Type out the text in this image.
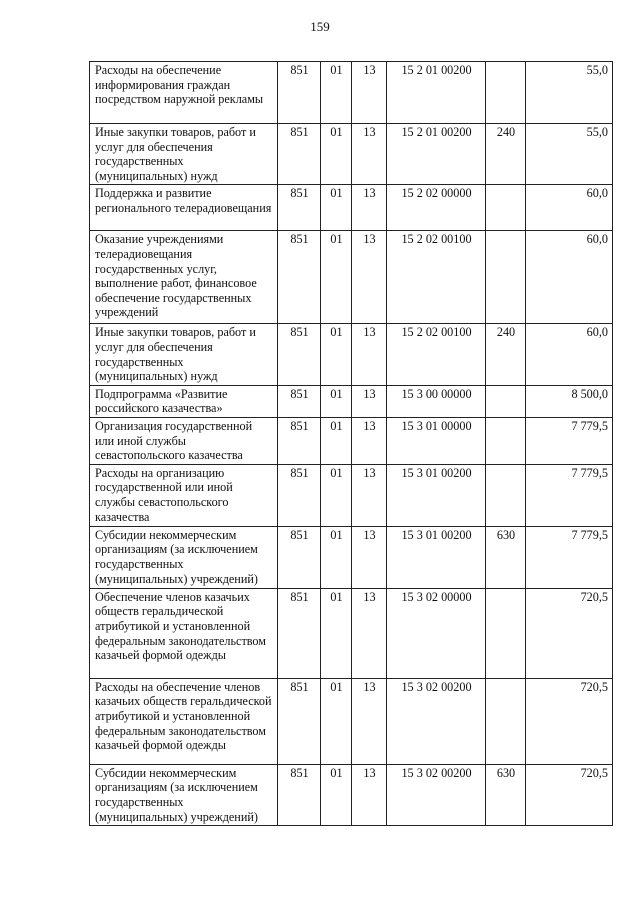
159
Расходы на обеспечение информирования граждан посредством наружной рекламы	851	01	13	15 2 01 00200		55,0
Иные закупки товаров, работ и услуг для обеспечения государственных (муниципальных) нужд	851	01	13	15 2 01 00200	240	55,0
Поддержка и развитие регионального телерадиовещания	851	01	13	15 2 02 00000		60,0
Оказание учреждениями телерадиовещания государственных услуг, выполнение работ, финансовое обеспечение государственных учреждений	851	01	13	15 2 02 00100		60,0
Иные закупки товаров, работ и услуг для обеспечения государственных (муниципальных) нужд	851	01	13	15 2 02 00100	240	60,0
Подпрограмма «Развитие российского казачества»	851	01	13	15 3 00 00000		8 500,0
Организация государственной или иной службы севастопольского казачества	851	01	13	15 3 01 00000		7 779,5
Расходы на организацию государственной или иной службы севастопольского казачества	851	01	13	15 3 01 00200		7 779,5
Субсидии некоммерческим организациям (за исключением государственных (муниципальных) учреждений)	851	01	13	15 3 01 00200	630	7 779,5
Обеспечение членов казачьих обществ геральдической атрибутикой и установленной федеральным законодательством казачьей формой одежды	851	01	13	15 3 02 00000		720,5
Расходы на обеспечение членов казачьих обществ геральдической атрибутикой и установленной федеральным законодательством казачьей формой одежды	851	01	13	15 3 02 00200		720,5
Субсидии некоммерческим организациям (за исключением государственных (муниципальных) учреждений)	851	01	13	15 3 02 00200	630	720,5
